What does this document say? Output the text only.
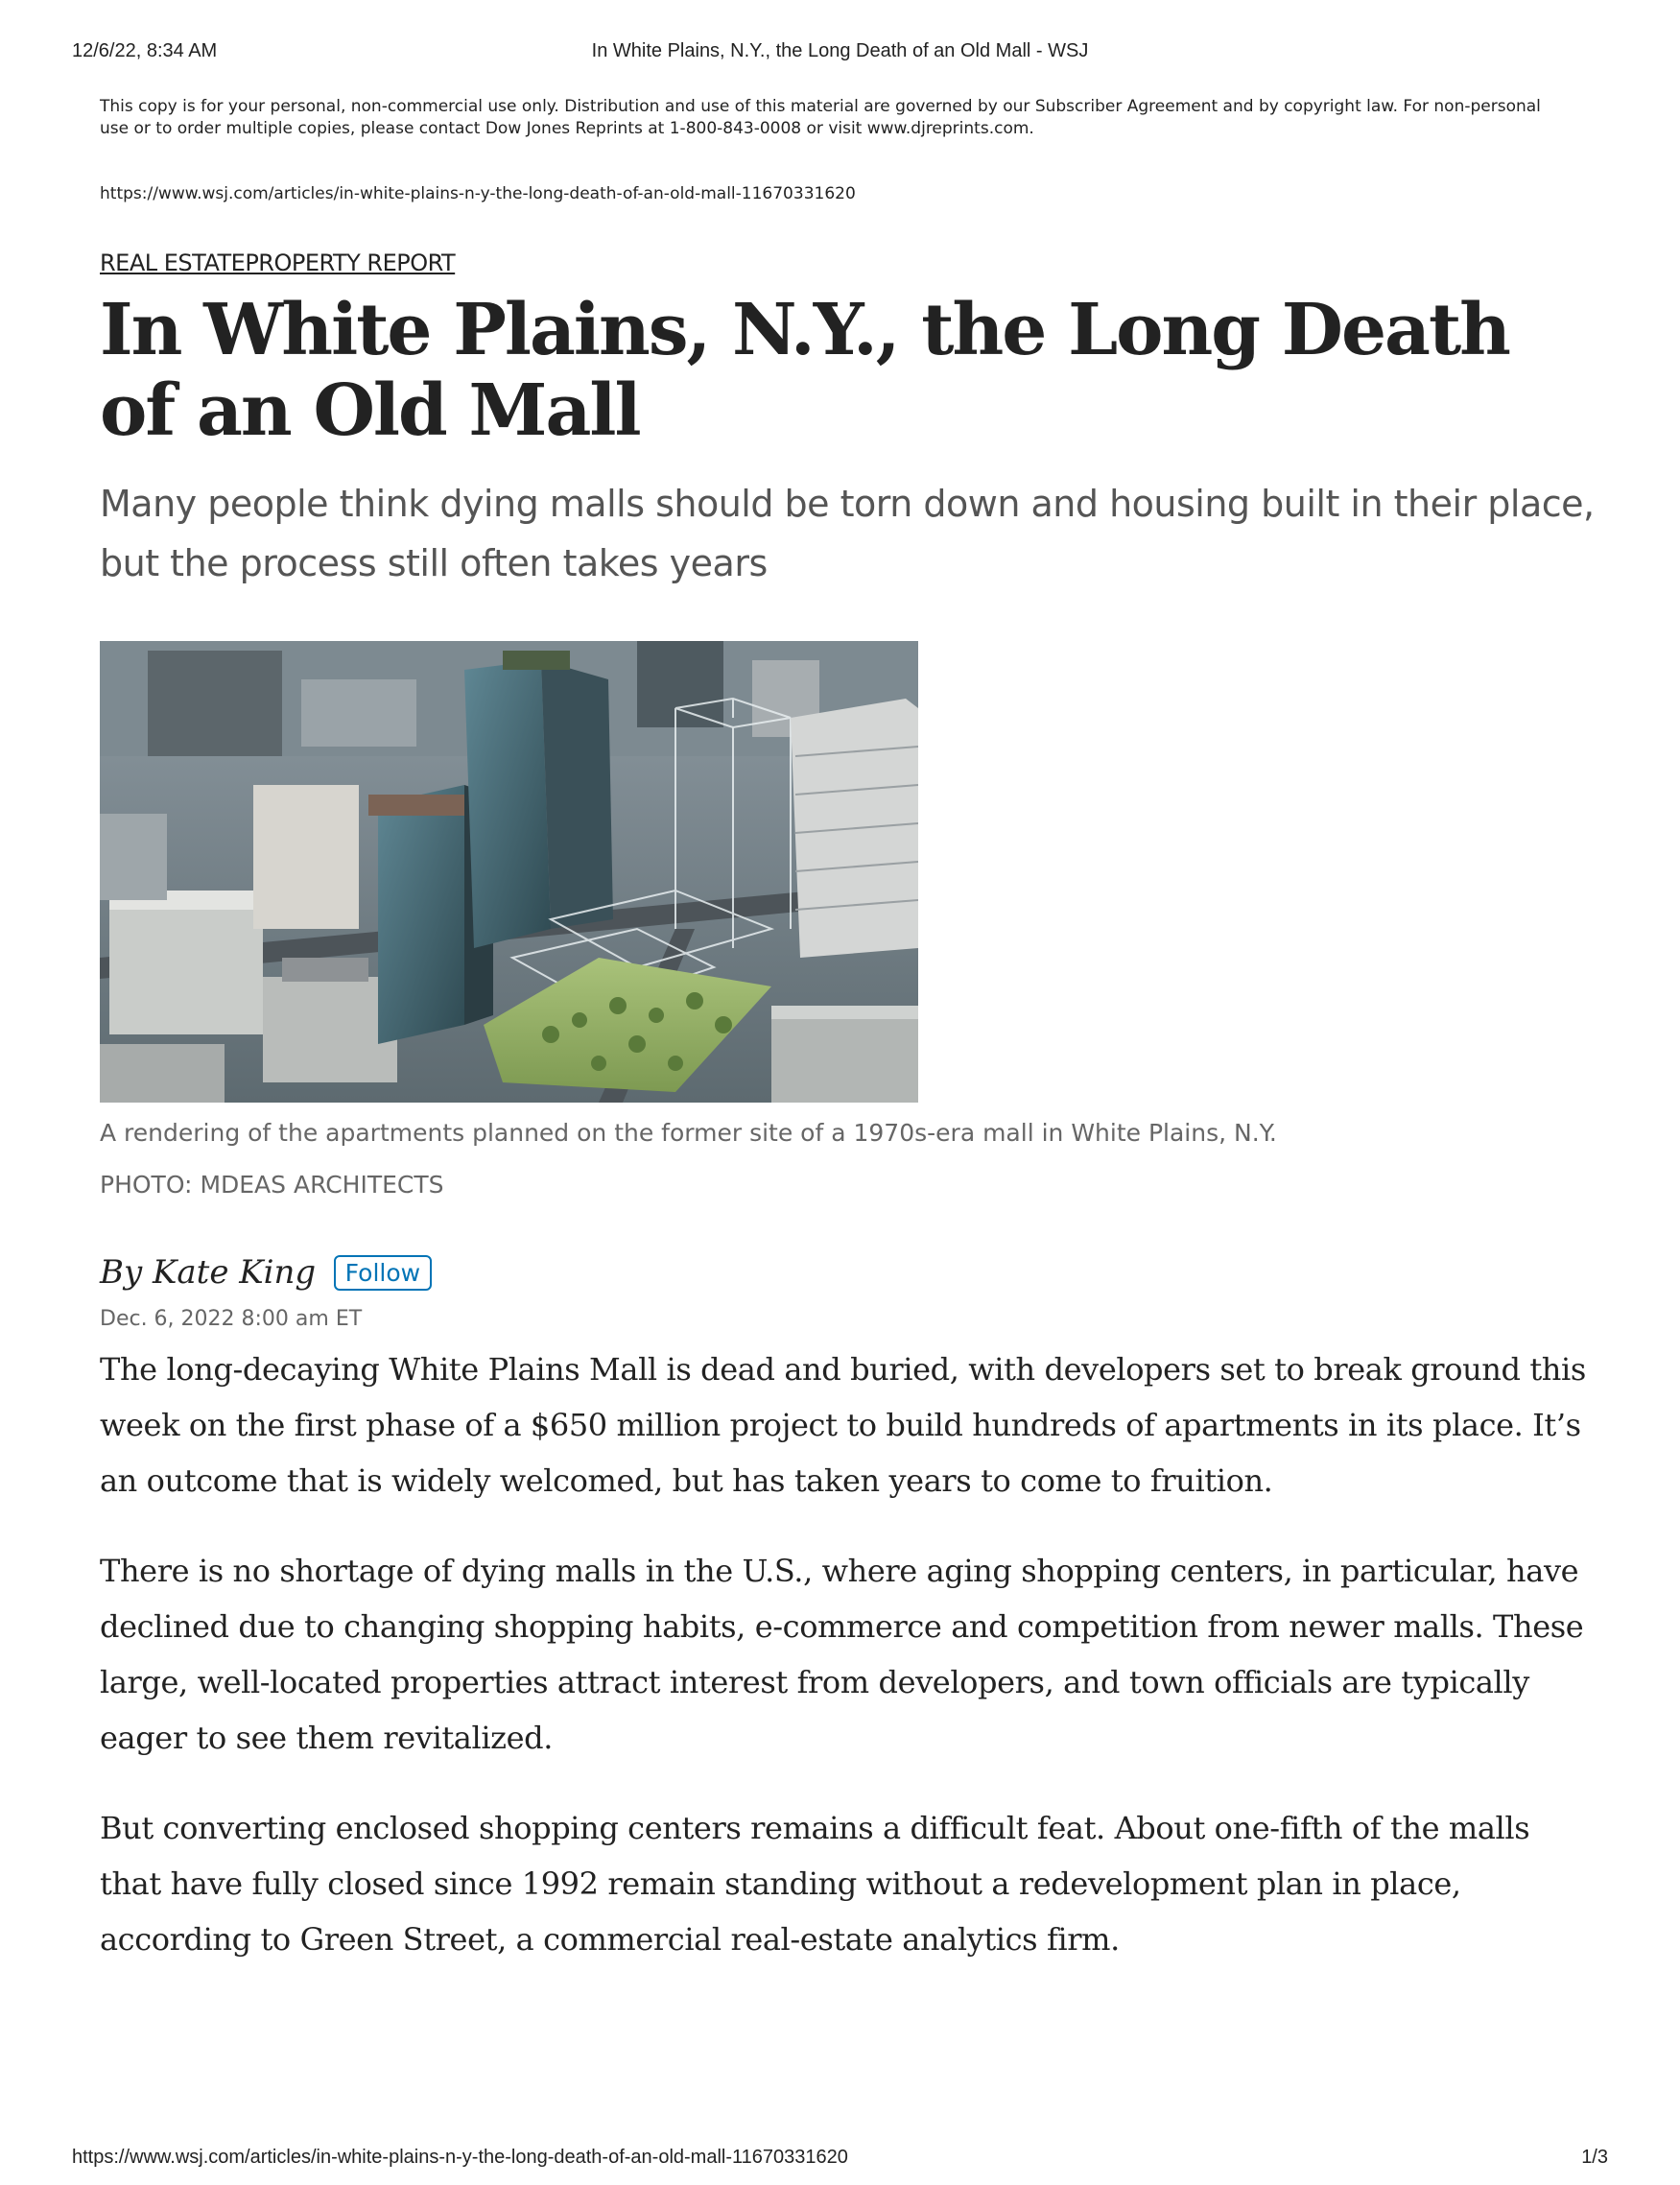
12/6/22, 8:34 AM	In White Plains, N.Y., the Long Death of an Old Mall - WSJ
This copy is for your personal, non-commercial use only. Distribution and use of this material are governed by our Subscriber Agreement and by copyright law. For non-personal use or to order multiple copies, please contact Dow Jones Reprints at 1-800-843-0008 or visit www.djreprints.com.
https://www.wsj.com/articles/in-white-plains-n-y-the-long-death-of-an-old-mall-11670331620
REAL ESTATEPROPERTY REPORT
In White Plains, N.Y., the Long Death of an Old Mall

Many people think dying malls should be torn down and housing built in their place, but the process still often takes years

A rendering of the apartments planned on the former site of a 1970s-era mall in White Plains, N.Y.
PHOTO: MDEAS ARCHITECTS
By Kate King Follow
Dec. 6, 2022 8:00 am ET

The long-decaying White Plains Mall is dead and buried, with developers set to break ground this week on the first phase of a $650 million project to build hundreds of apartments in its place. It’s an outcome that is widely welcomed, but has taken years to come to fruition.

There is no shortage of dying malls in the U.S., where aging shopping centers, in particular, have declined due to changing shopping habits, e-commerce and competition from newer malls. These large, well-located properties attract interest from developers, and town officials are typically eager to see them revitalized.

But converting enclosed shopping centers remains a difficult feat. About one-fifth of the malls that have fully closed since 1992 remain standing without a redevelopment plan in place, according to Green Street, a commercial real-estate analytics firm.

https://www.wsj.com/articles/in-white-plains-n-y-the-long-death-of-an-old-mall-11670331620	1/3
